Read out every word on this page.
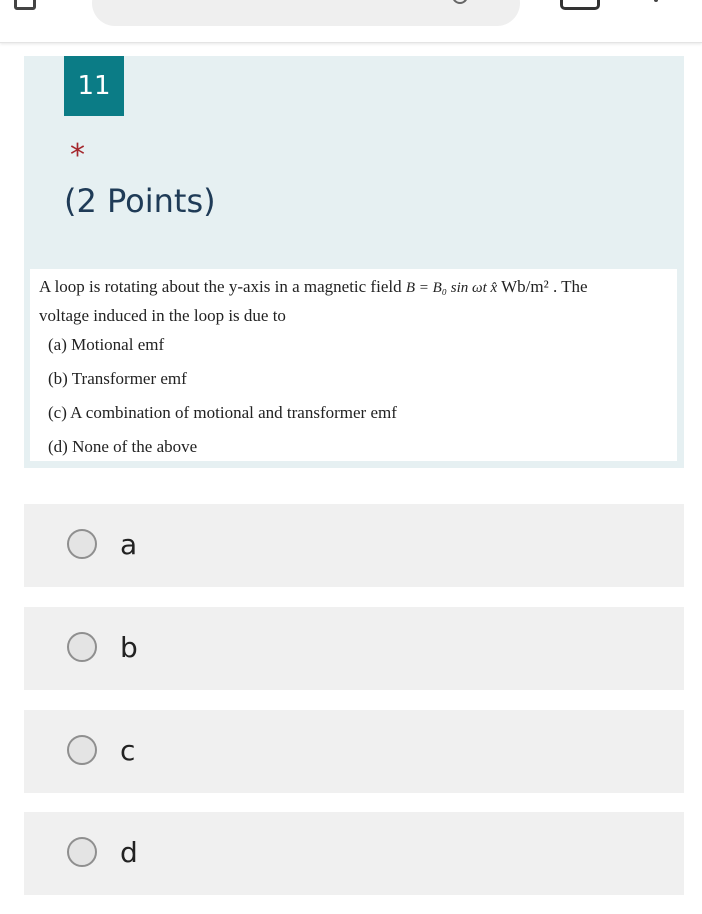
11
*
(2 Points)
A loop is rotating about the y-axis in a magnetic field B = B₀ sin ωt x̂ Wb/m² . The
voltage induced in the loop is due to
(a) Motional emf
(b) Transformer emf
(c) A combination of motional and transformer emf
(d) None of the above
a
b
c
d
